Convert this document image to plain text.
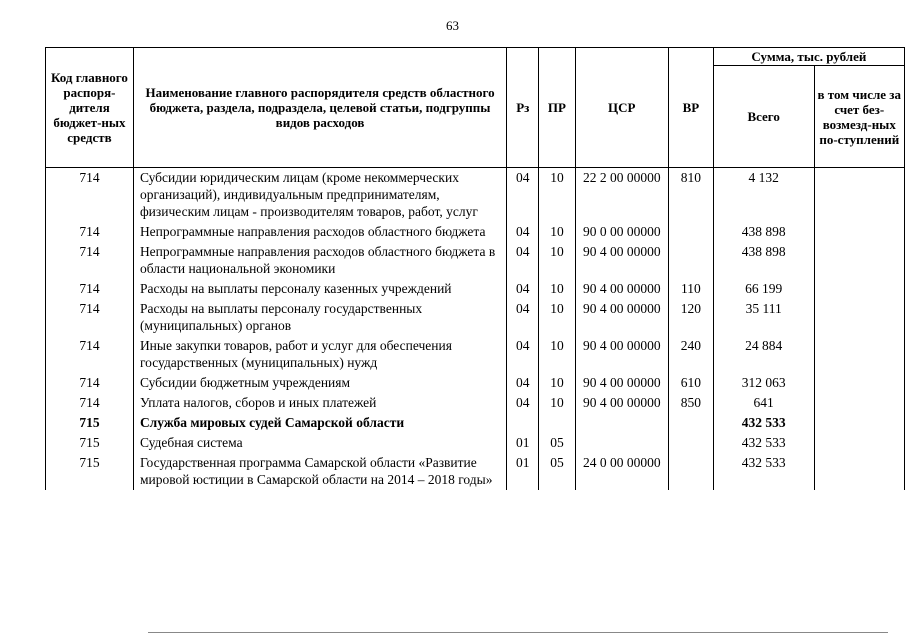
63
Код главного распоря-дителя бюджет-ных средств	Наименование главного распорядителя средств областного бюджета, раздела, подраздела, целевой статьи, подгруппы видов расходов	Рз	ПР	ЦСР	ВР	Сумма, тыс. рублей	
						Всего	в том числе за счет без-возмезд-ных по-ступлений
714	Субсидии юридическим лицам (кроме некоммерческих организаций), индивидуальным предпринимателям, физическим лицам - производителям товаров, работ, услуг	04	10	22 2 00 00000	810	4 132	
714	Непрограммные направления расходов областного бюджета	04	10	90 0 00 00000		438 898	
714	Непрограммные направления расходов областного бюджета в области национальной экономики	04	10	90 4 00 00000		438 898	
714	Расходы на выплаты персоналу казенных учреждений	04	10	90 4 00 00000	110	66 199	
714	Расходы на выплаты персоналу государственных (муниципальных) органов	04	10	90 4 00 00000	120	35 111	
714	Иные закупки товаров, работ и услуг для обеспечения государственных (муниципальных) нужд	04	10	90 4 00 00000	240	24 884	
714	Субсидии бюджетным учреждениям	04	10	90 4 00 00000	610	312 063	
714	Уплата налогов, сборов и иных платежей	04	10	90 4 00 00000	850	641	
715	Служба мировых судей Самарской области					432 533	
715	Судебная система	01	05			432 533	
715	Государственная программа Самарской области «Развитие мировой юстиции в Самарской области на 2014 – 2018 годы»	01	05	24 0 00 00000		432 533	
